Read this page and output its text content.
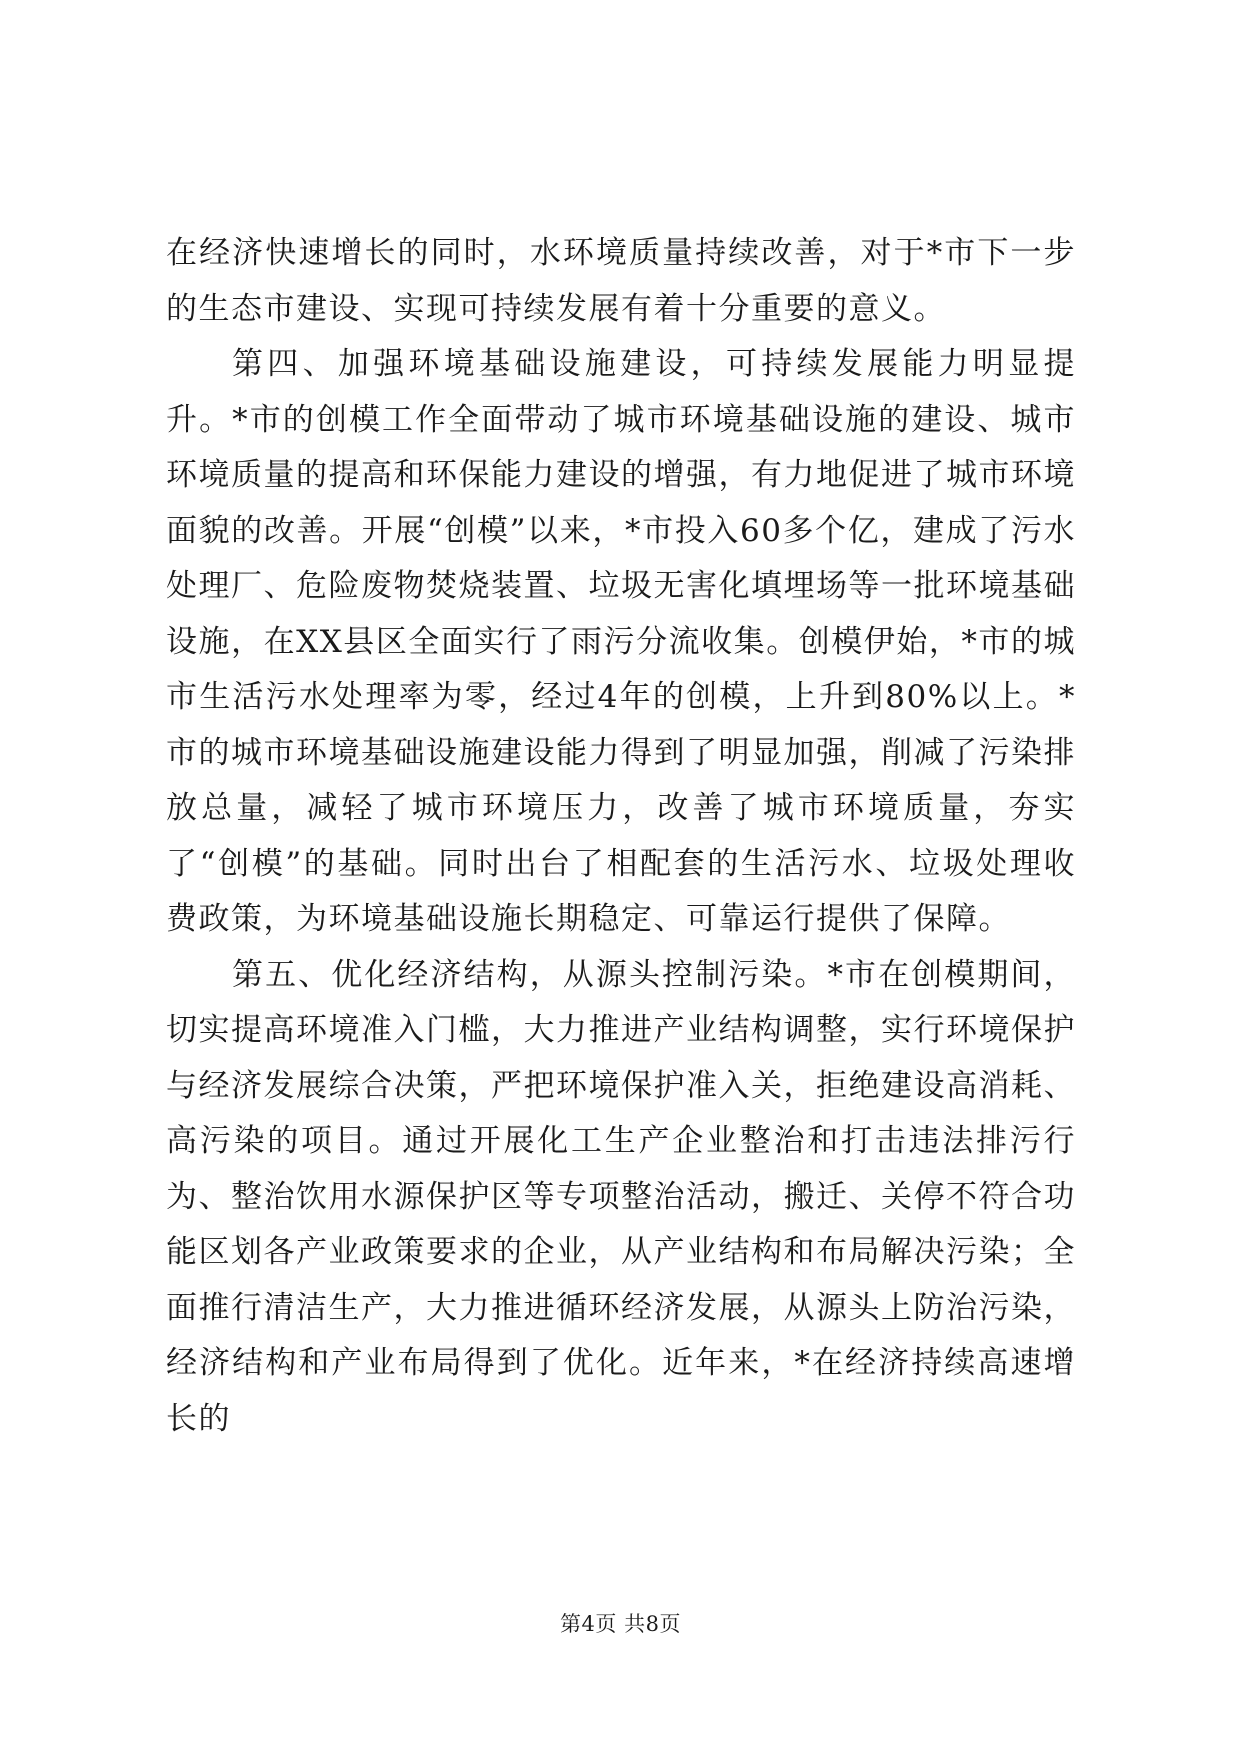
在经济快速增长的同时，水环境质量持续改善，对于*市下一步的生态市建设、实现可持续发展有着十分重要的意义。

第四、加强环境基础设施建设，可持续发展能力明显提升。*市的创模工作全面带动了城市环境基础设施的建设、城市环境质量的提高和环保能力建设的增强，有力地促进了城市环境面貌的改善。开展“创模”以来，*市投入60多个亿，建成了污水处理厂、危险废物焚烧装置、垃圾无害化填埋场等一批环境基础设施，在XX县区全面实行了雨污分流收集。创模伊始，*市的城市生活污水处理率为零，经过4年的创模，上升到80%以上。*市的城市环境基础设施建设能力得到了明显加强，削减了污染排放总量，减轻了城市环境压力，改善了城市环境质量，夯实了“创模”的基础。同时出台了相配套的生活污水、垃圾处理收费政策，为环境基础设施长期稳定、可靠运行提供了保障。

第五、优化经济结构，从源头控制污染。*市在创模期间，切实提高环境准入门槛，大力推进产业结构调整，实行环境保护与经济发展综合决策，严把环境保护准入关，拒绝建设高消耗、高污染的项目。通过开展化工生产企业整治和打击违法排污行为、整治饮用水源保护区等专项整治活动，搬迁、关停不符合功能区划各产业政策要求的企业，从产业结构和布局解决污染；全面推行清洁生产，大力推进循环经济发展，从源头上防治污染，经济结构和产业布局得到了优化。近年来，*在经济持续高速增长的

第4页 共8页
